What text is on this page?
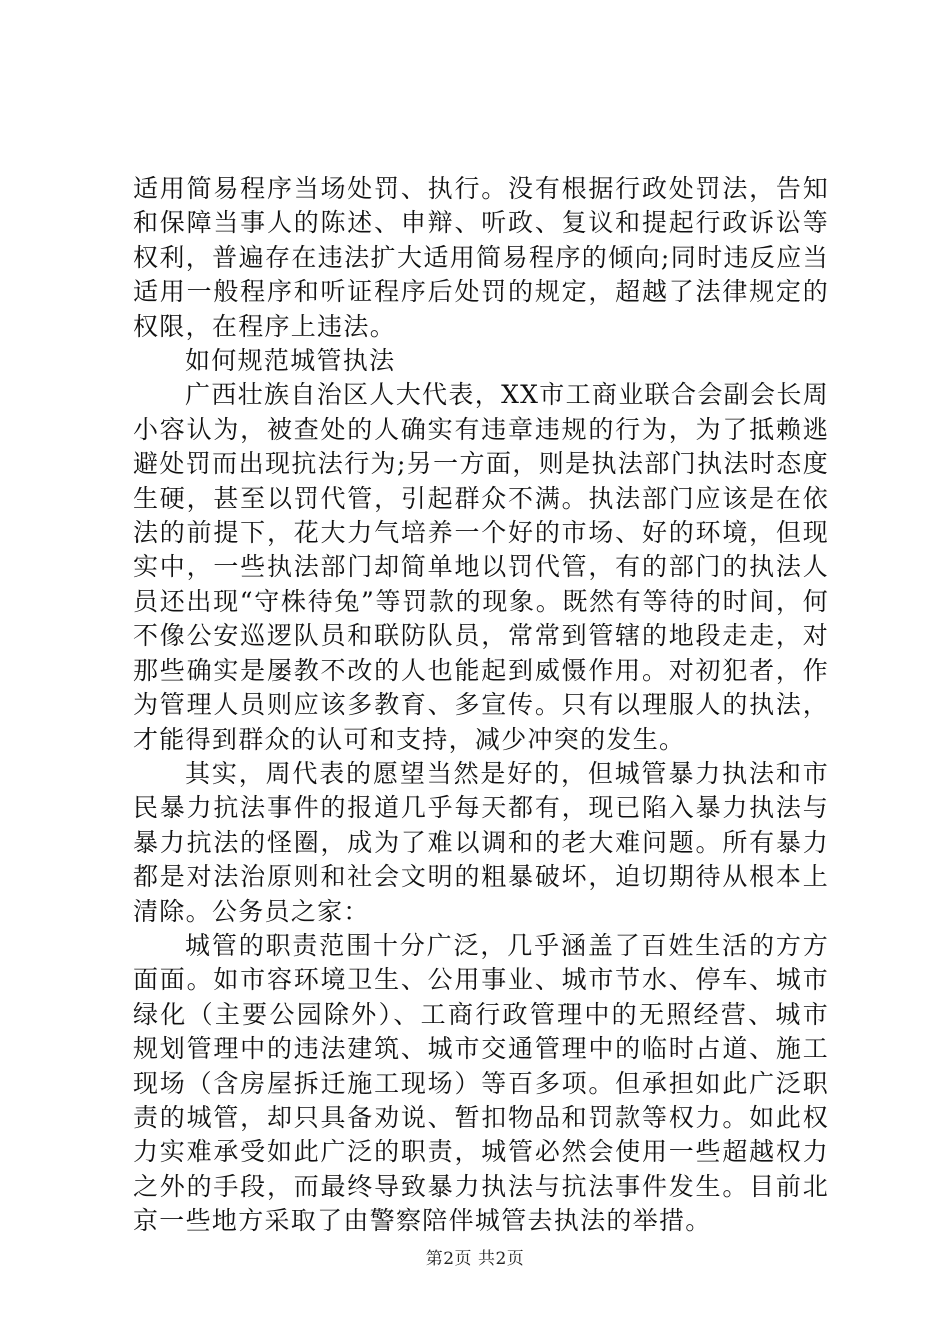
适用简易程序当场处罚、执行。没有根据行政处罚法，告知和保障当事人的陈述、申辩、听政、复议和提起行政诉讼等权利，普遍存在违法扩大适用简易程序的倾向;同时违反应当适用一般程序和听证程序后处罚的规定，超越了法律规定的权限，在程序上违法。

如何规范城管执法

广西壮族自治区人大代表，XX市工商业联合会副会长周小容认为，被查处的人确实有违章违规的行为，为了抵赖逃避处罚而出现抗法行为;另一方面，则是执法部门执法时态度生硬，甚至以罚代管，引起群众不满。执法部门应该是在依法的前提下，花大力气培养一个好的市场、好的环境，但现实中，一些执法部门却简单地以罚代管，有的部门的执法人员还出现“守株待兔”等罚款的现象。既然有等待的时间，何不像公安巡逻队员和联防队员，常常到管辖的地段走走，对那些确实是屡教不改的人也能起到威慑作用。对初犯者，作为管理人员则应该多教育、多宣传。只有以理服人的执法，才能得到群众的认可和支持，减少冲突的发生。

其实，周代表的愿望当然是好的，但城管暴力执法和市民暴力抗法事件的报道几乎每天都有，现已陷入暴力执法与暴力抗法的怪圈，成为了难以调和的老大难问题。所有暴力都是对法治原则和社会文明的粗暴破坏，迫切期待从根本上清除。公务员之家：

城管的职责范围十分广泛，几乎涵盖了百姓生活的方方面面。如市容环境卫生、公用事业、城市节水、停车、城市绿化（主要公园除外）、工商行政管理中的无照经营、城市规划管理中的违法建筑、城市交通管理中的临时占道、施工现场（含房屋拆迁施工现场）等百多项。但承担如此广泛职责的城管，却只具备劝说、暂扣物品和罚款等权力。如此权力实难承受如此广泛的职责，城管必然会使用一些超越权力之外的手段，而最终导致暴力执法与抗法事件发生。目前北京一些地方采取了由警察陪伴城管去执法的举措。

第2页 共2页
